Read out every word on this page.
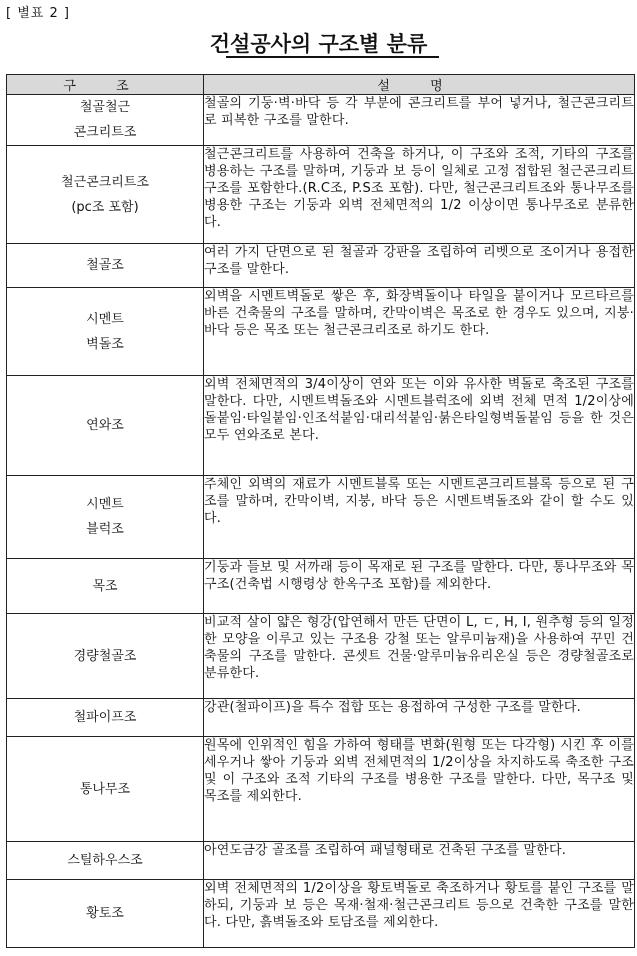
[ 별표 2 ]
건설공사의 구조별 분류
구 조	설 명

철골철근
콘크리트조	철골의 기둥·벽·바닥 등 각 부분에 콘크리트를 부어 넣거나, 철근콘크리트로 피복한 구조를 말한다.

철근콘크리트조
(pc조 포함)	철근콘크리트를 사용하여 건축을 하거나, 이 구조와 조적, 기타의 구조를 병용하는 구조를 말하며, 기둥과 보 등이 일체로 고정 접합된 철근콘크리트 구조를 포함한다.(R.C조, P.S조 포함). 다만, 철근콘크리트조와 통나무조를 병용한 구조는 기둥과 외벽 전체면적의 1/2 이상이면 통나무조로 분류한다.

철골조	여러 가지 단면으로 된 철골과 강판을 조립하여 리벳으로 조이거나 용접한 구조를 말한다.

시멘트
벽돌조	외벽을 시멘트벽돌로 쌓은 후, 화장벽돌이나 타일을 붙이거나 모르타르를 바른 건축물의 구조를 말하며, 칸막이벽은 목조로 한 경우도 있으며, 지붕·바닥 등은 목조 또는 철근콘크리조로 하기도 한다.

연와조	외벽 전체면적의 3/4이상이 연와 또는 이와 유사한 벽돌로 축조된 구조를 말한다. 다만, 시멘트벽돌조와 시멘트블럭조에 외벽 전체 면적 1/2이상에 돌붙임·타일붙임·인조석붙임·대리석붙임·붉은타일형벽돌붙임 등을 한 것은 모두 연와조로 본다.

시멘트
블럭조	주체인 외벽의 재료가 시멘트블록 또는 시멘트콘크리트블록 등으로 된 구조를 말하며, 칸막이벽, 지붕, 바닥 등은 시멘트벽돌조와 같이 할 수도 있다.

목조	기둥과 들보 및 서까래 등이 목재로 된 구조를 말한다. 다만, 통나무조와 목구조(건축법 시행령상 한옥구조 포함)를 제외한다.

경량철골조	비교적 살이 얇은 형강(압연해서 만든 단면이 L, ㄷ, H, I, 원추형 등의 일정한 모양을 이루고 있는 구조용 강철 또는 알루미늄재)을 사용하여 꾸민 건축물의 구조를 말한다. 콘셋트 건물·알루미늄유리온실 등은 경량철골조로 분류한다.

철파이프조	강관(철파이프)을 특수 접합 또는 용접하여 구성한 구조를 말한다.

통나무조	원목에 인위적인 힘을 가하여 형태를 변화(원형 또는 다각형) 시킨 후 이를 세우거나 쌓아 기둥과 외벽 전체면적의 1/2이상을 차지하도록 축조한 구조 및 이 구조와 조적 기타의 구조를 병용한 구조를 말한다. 다만, 목구조 및 목조를 제외한다.

스틸하우스조	아연도금강 골조를 조립하여 패널형태로 건축된 구조를 말한다.

황토조	외벽 전체면적의 1/2이상을 황토벽돌로 축조하거나 황토를 붙인 구조를 말하되, 기둥과 보 등은 목재·철재·철근콘크리트 등으로 건축한 구조를 말한다. 다만, 흙벽돌조와 토담조를 제외한다.
